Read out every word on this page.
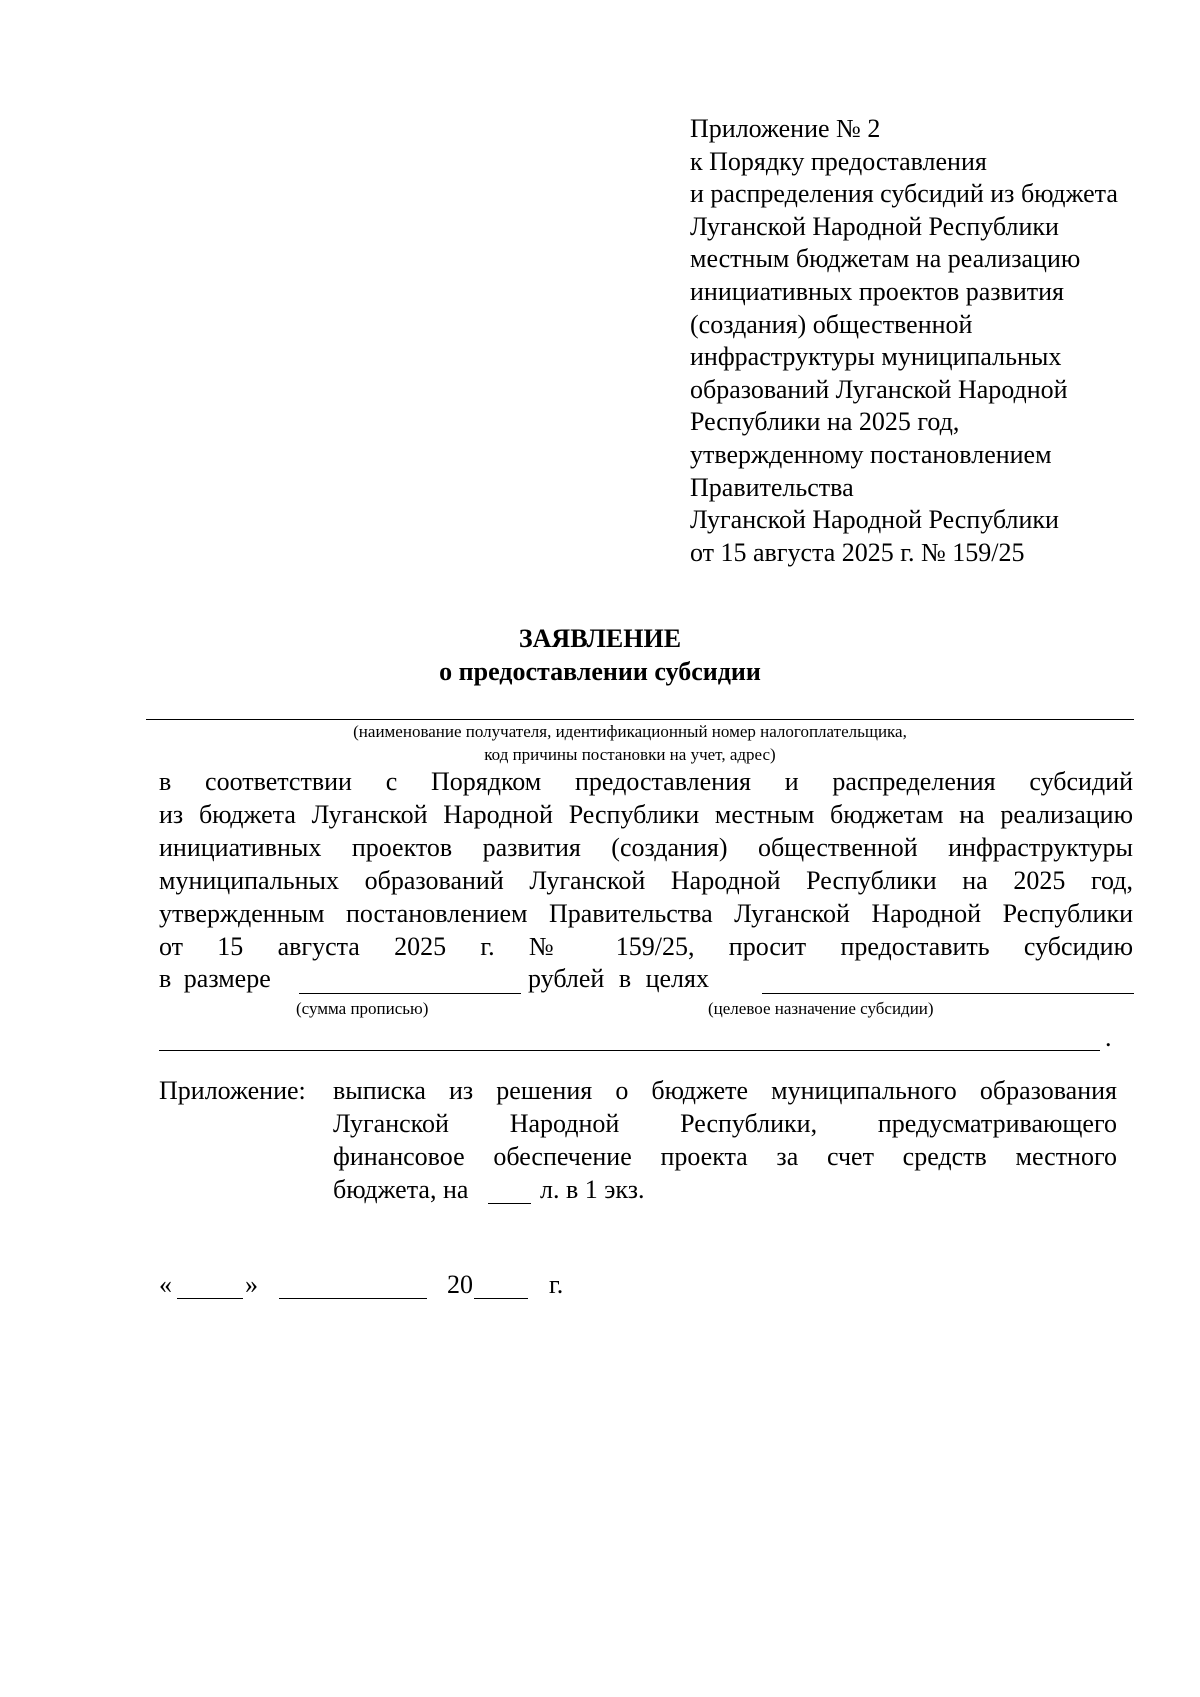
Приложение № 2
к Порядку предоставления
и распределения субсидий из бюджета
Луганской Народной Республики
местным бюджетам на реализацию
инициативных проектов развития
(создания) общественной
инфраструктуры муниципальных
образований Луганской Народной
Республики на 2025 год,
утвержденному постановлением
Правительства
Луганской Народной Республики
от 15 августа 2025 г. № 159/25
ЗАЯВЛЕНИЕ
о предоставлении субсидии
(наименование получателя, идентификационный номер налогоплательщика,
код причины постановки на учет, адрес)
в соответствии с Порядком предоставления и распределения субсидий
из бюджета Луганской Народной Республики местным бюджетам на реализацию
инициативных проектов развития (создания) общественной инфраструктуры
муниципальных образований Луганской Народной Республики на 2025 год,
утвержденным постановлением Правительства Луганской Народной Республики
от 15 августа 2025 г. № 159/25, просит предоставить субсидию
в размере	рублей в целях
(сумма прописью)	(целевое назначение субсидии)
.
Приложение: выписка из решения о бюджете муниципального образования
Луганской Народной Республики, предусматривающего
финансовое обеспечение проекта за счет средств местного
бюджета, на	л. в 1 экз.
«	»	20	г.
